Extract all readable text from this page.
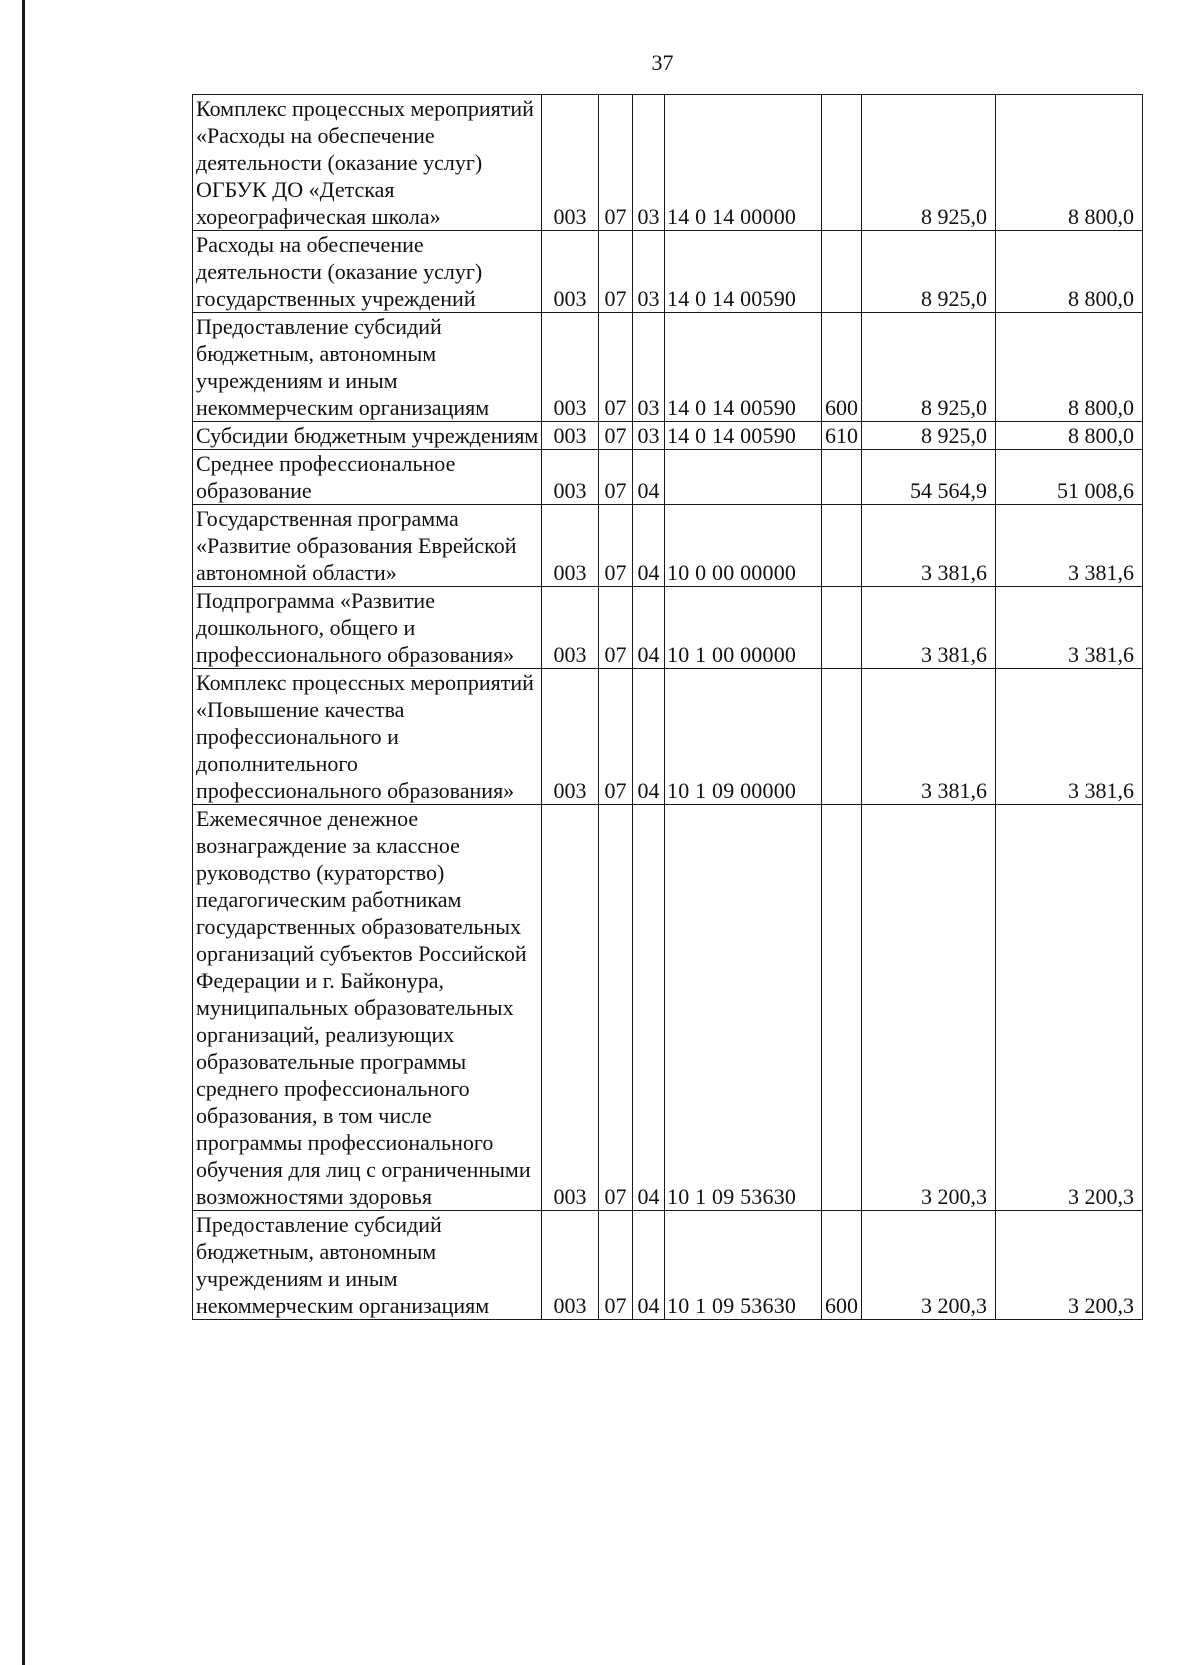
37
Комплекс процессных мероприятий «Расходы на обеспечение деятельности (оказание услуг) ОГБУК ДО «Детская хореографическая школа»	003	07	03	14 0 14 00000		8 925,0	8 800,0
Расходы на обеспечение деятельности (оказание услуг) государственных учреждений	003	07	03	14 0 14 00590		8 925,0	8 800,0
Предоставление субсидий бюджетным, автономным учреждениям и иным некоммерческим организациям	003	07	03	14 0 14 00590	600	8 925,0	8 800,0
Субсидии бюджетным учреждениям	003	07	03	14 0 14 00590	610	8 925,0	8 800,0
Среднее профессиональное образование	003	07	04			54 564,9	51 008,6
Государственная программа «Развитие образования Еврейской автономной области»	003	07	04	10 0 00 00000		3 381,6	3 381,6
Подпрограмма «Развитие дошкольного, общего и профессионального образования»	003	07	04	10 1 00 00000		3 381,6	3 381,6
Комплекс процессных мероприятий «Повышение качества профессионального и дополнительного профессионального образования»	003	07	04	10 1 09 00000		3 381,6	3 381,6
Ежемесячное денежное вознаграждение за классное руководство (кураторство) педагогическим работникам государственных образовательных организаций субъектов Российской Федерации и г. Байконура, муниципальных образовательных организаций, реализующих образовательные программы среднего профессионального образования, в том числе программы профессионального обучения для лиц с ограниченными возможностями здоровья	003	07	04	10 1 09 53630		3 200,3	3 200,3
Предоставление субсидий бюджетным, автономным учреждениям и иным некоммерческим организациям	003	07	04	10 1 09 53630	600	3 200,3	3 200,3
